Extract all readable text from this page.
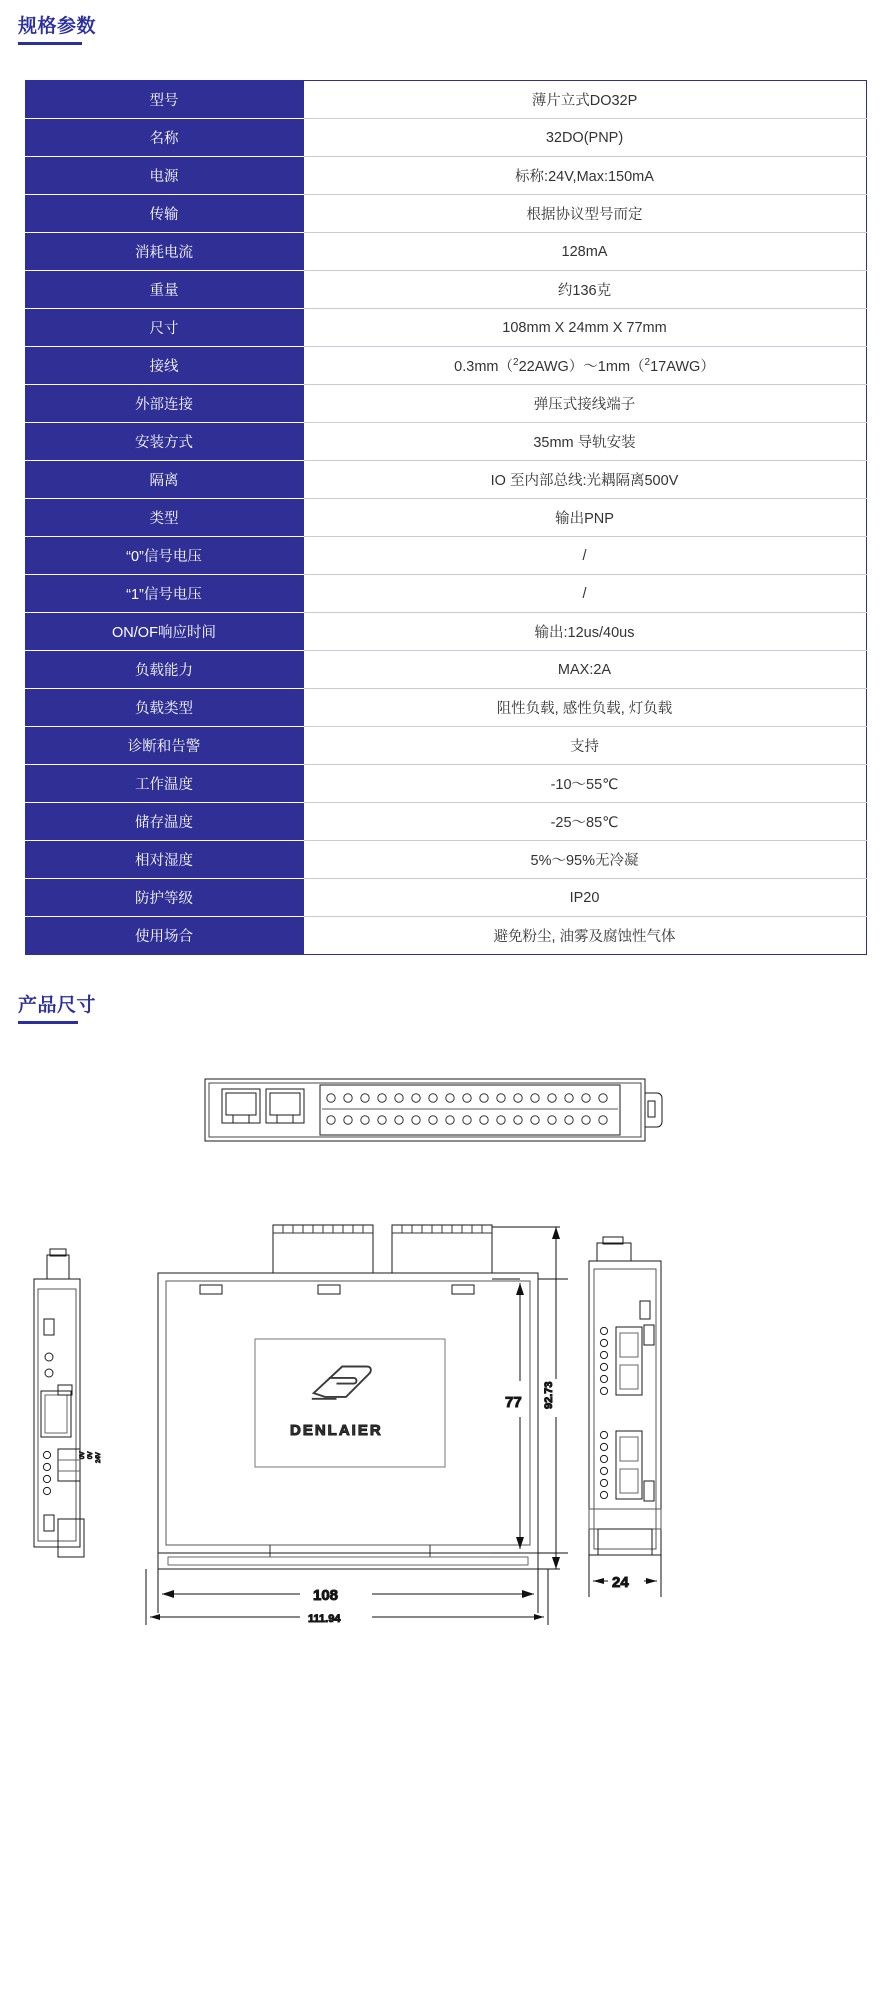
规格参数
型号	薄片立式DO32P
名称	32DO(PNP)
电源	标称:24V,Max:150mA
传输	根据协议型号而定
消耗电流	128mA
重量	约136克
尺寸	108mm X 24mm X 77mm
接线	0.3mm（$^2$22AWG）～1mm（$^2$17AWG）
外部连接	弹压式接线端子
安装方式	35mm 导轨安装
隔离	IO 至内部总线:光耦隔离500V
类型	输出PNP
“0”信号电压	/
“1”信号电压	/
ON/OF响应时间	输出:12us/40us
负载能力	MAX:2A
负载类型	阻性负载, 感性负载, 灯负载
诊断和告警	支持
工作温度	-10～55℃
储存温度	-25～85℃
相对湿度	5%～95%无冷凝
防护等级	IP20
使用场合	避免粉尘, 油雾及腐蚀性气体
产品尺寸
0V 0V 24V
DENLAIER
108
111.94
77 92.73
24
